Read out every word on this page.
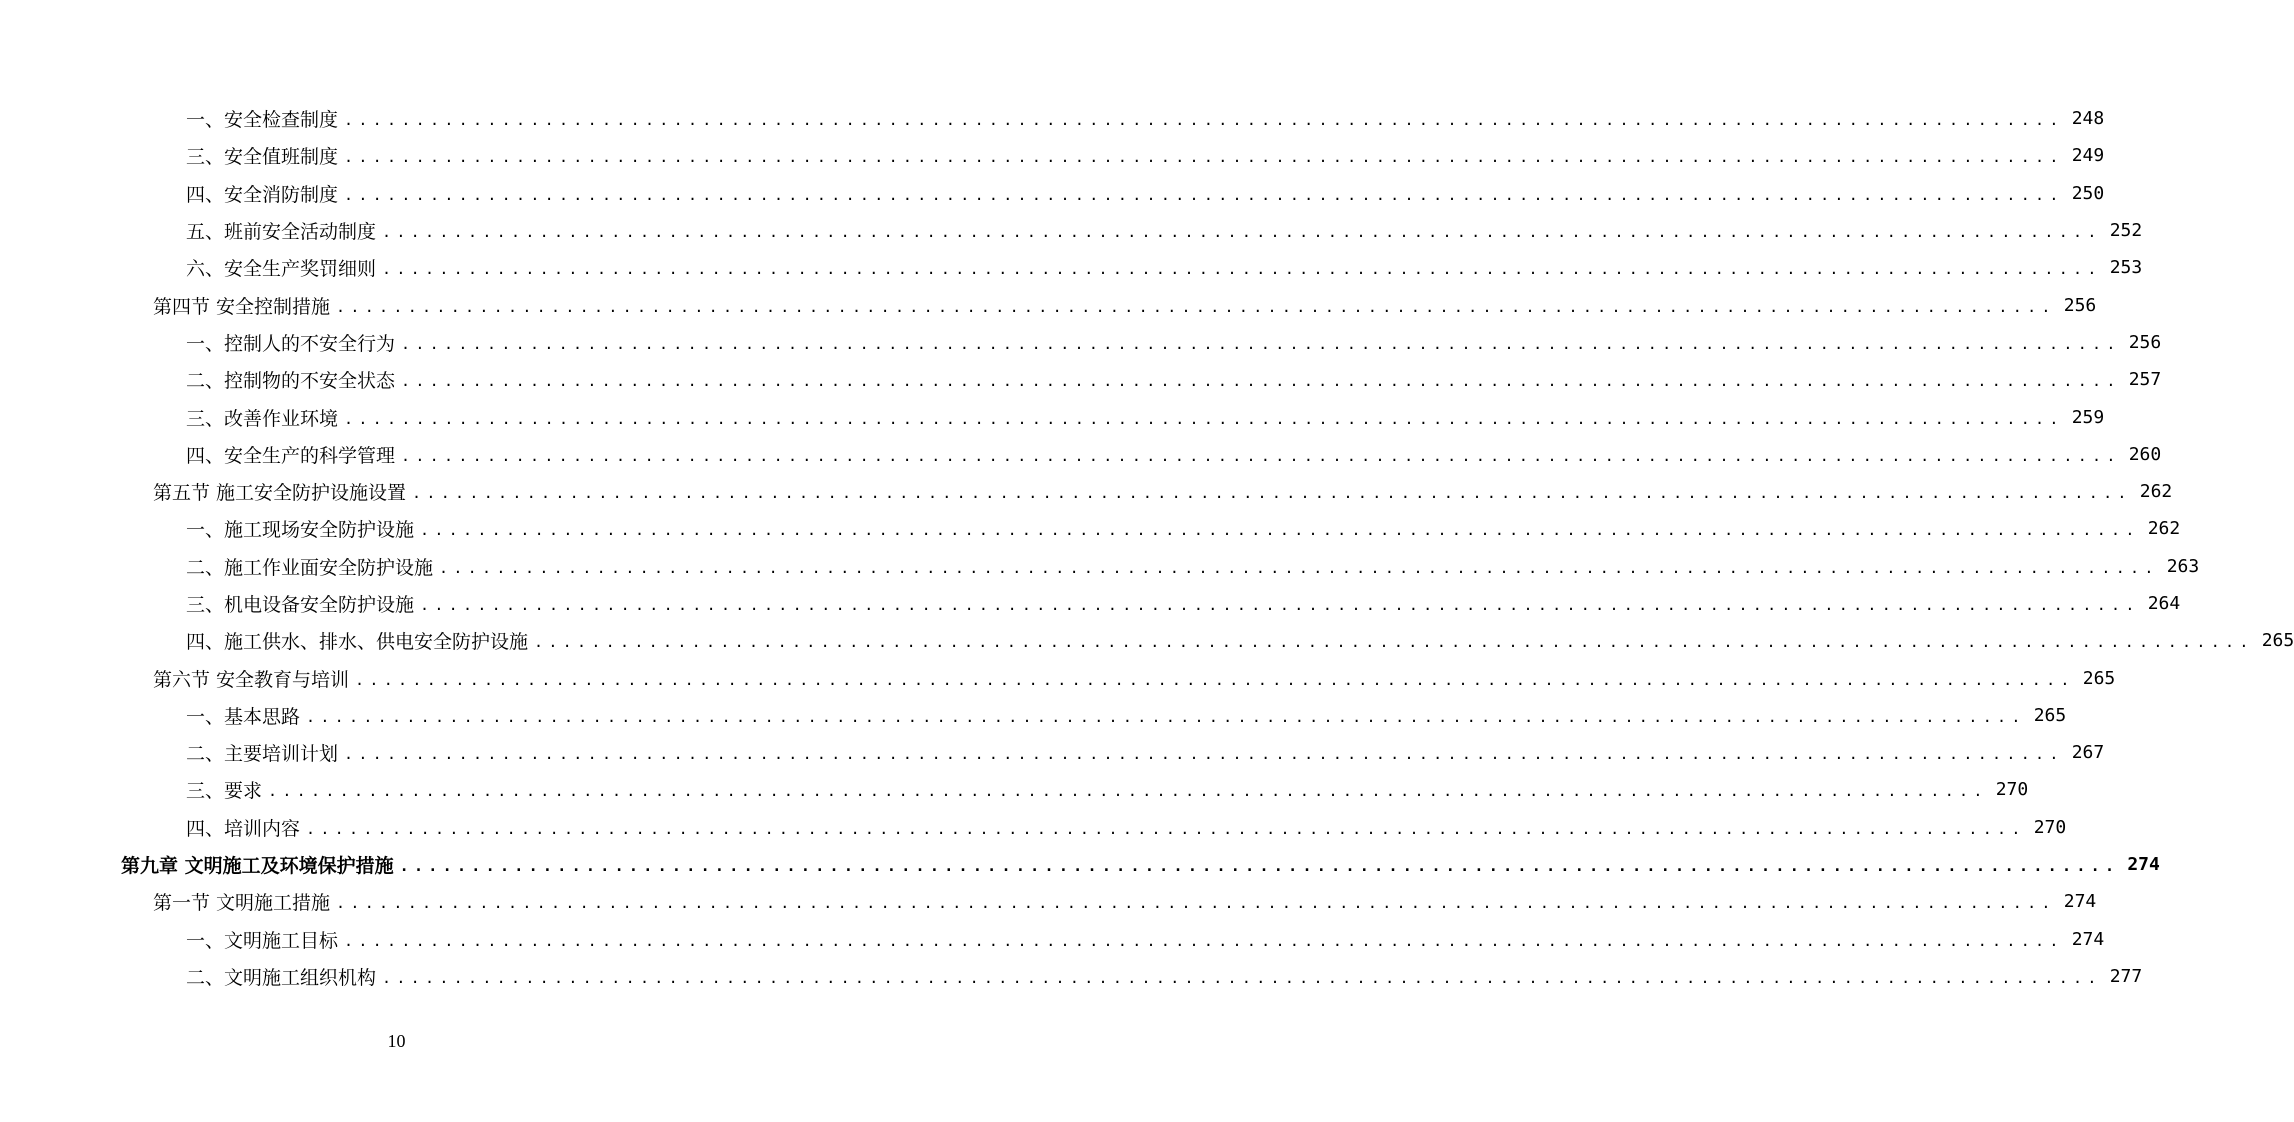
一、安全检查制度 ........................................................................................................................ 248
三、安全值班制度 ........................................................................................................................ 249
四、安全消防制度 ........................................................................................................................ 250
五、班前安全活动制度 ........................................................................................................................ 252
六、安全生产奖罚细则 ........................................................................................................................ 253
第四节 安全控制措施 ........................................................................................................................ 256
一、控制人的不安全行为 ........................................................................................................................ 256
二、控制物的不安全状态 ........................................................................................................................ 257
三、改善作业环境 ........................................................................................................................ 259
四、安全生产的科学管理 ........................................................................................................................ 260
第五节 施工安全防护设施设置 ........................................................................................................................ 262
一、施工现场安全防护设施 ........................................................................................................................ 262
二、施工作业面安全防护设施 ........................................................................................................................ 263
三、机电设备安全防护设施 ........................................................................................................................ 264
四、施工供水、排水、供电安全防护设施 ........................................................................................................................ 265
第六节 安全教育与培训 ........................................................................................................................ 265
一、基本思路 ........................................................................................................................ 265
二、主要培训计划 ........................................................................................................................ 267
三、要求 ........................................................................................................................ 270
四、培训内容 ........................................................................................................................ 270
第九章 文明施工及环境保护措施 ........................................................................................................................ 274
第一节 文明施工措施 ........................................................................................................................ 274
一、文明施工目标 ........................................................................................................................ 274
二、文明施工组织机构 ........................................................................................................................ 277
10
